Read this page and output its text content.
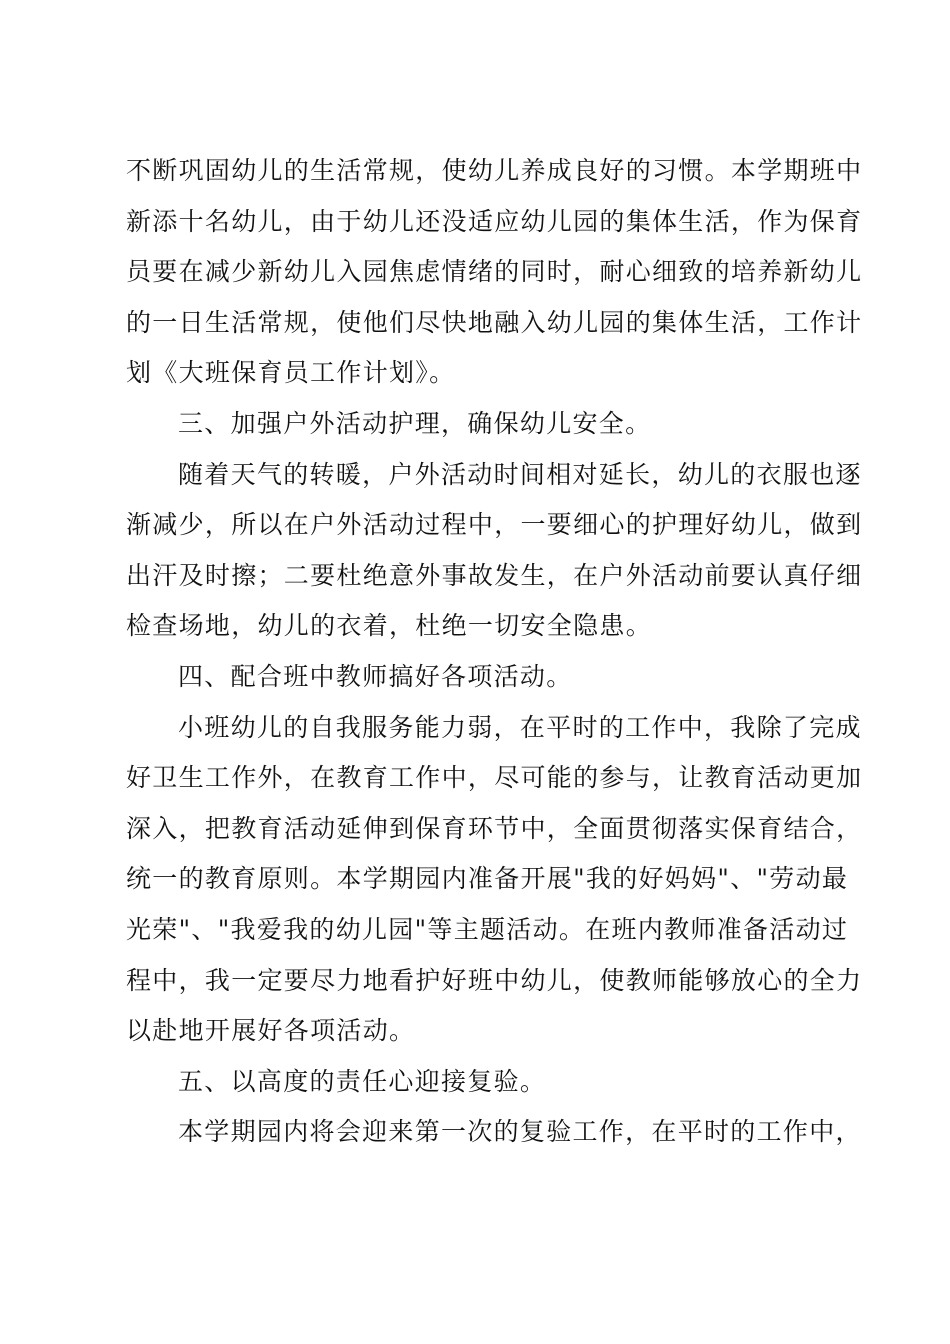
不断巩固幼儿的生活常规，使幼儿养成良好的习惯。本学期班中
新添十名幼儿，由于幼儿还没适应幼儿园的集体生活，作为保育
员要在减少新幼儿入园焦虑情绪的同时，耐心细致的培养新幼儿
的一日生活常规，使他们尽快地融入幼儿园的集体生活，工作计
划《大班保育员工作计划》。
三、加强户外活动护理，确保幼儿安全。
随着天气的转暖，户外活动时间相对延长，幼儿的衣服也逐
渐减少，所以在户外活动过程中，一要细心的护理好幼儿，做到
出汗及时擦；二要杜绝意外事故发生，在户外活动前要认真仔细
检查场地，幼儿的衣着，杜绝一切安全隐患。
四、配合班中教师搞好各项活动。
小班幼儿的自我服务能力弱，在平时的工作中，我除了完成
好卫生工作外，在教育工作中，尽可能的参与，让教育活动更加
深入，把教育活动延伸到保育环节中，全面贯彻落实保育结合，
统一的教育原则。本学期园内准备开展"我的好妈妈"、"劳动最
光荣"、"我爱我的幼儿园"等主题活动。在班内教师准备活动过
程中，我一定要尽力地看护好班中幼儿，使教师能够放心的全力
以赴地开展好各项活动。
五、以高度的责任心迎接复验。
本学期园内将会迎来第一次的复验工作，在平时的工作中，
